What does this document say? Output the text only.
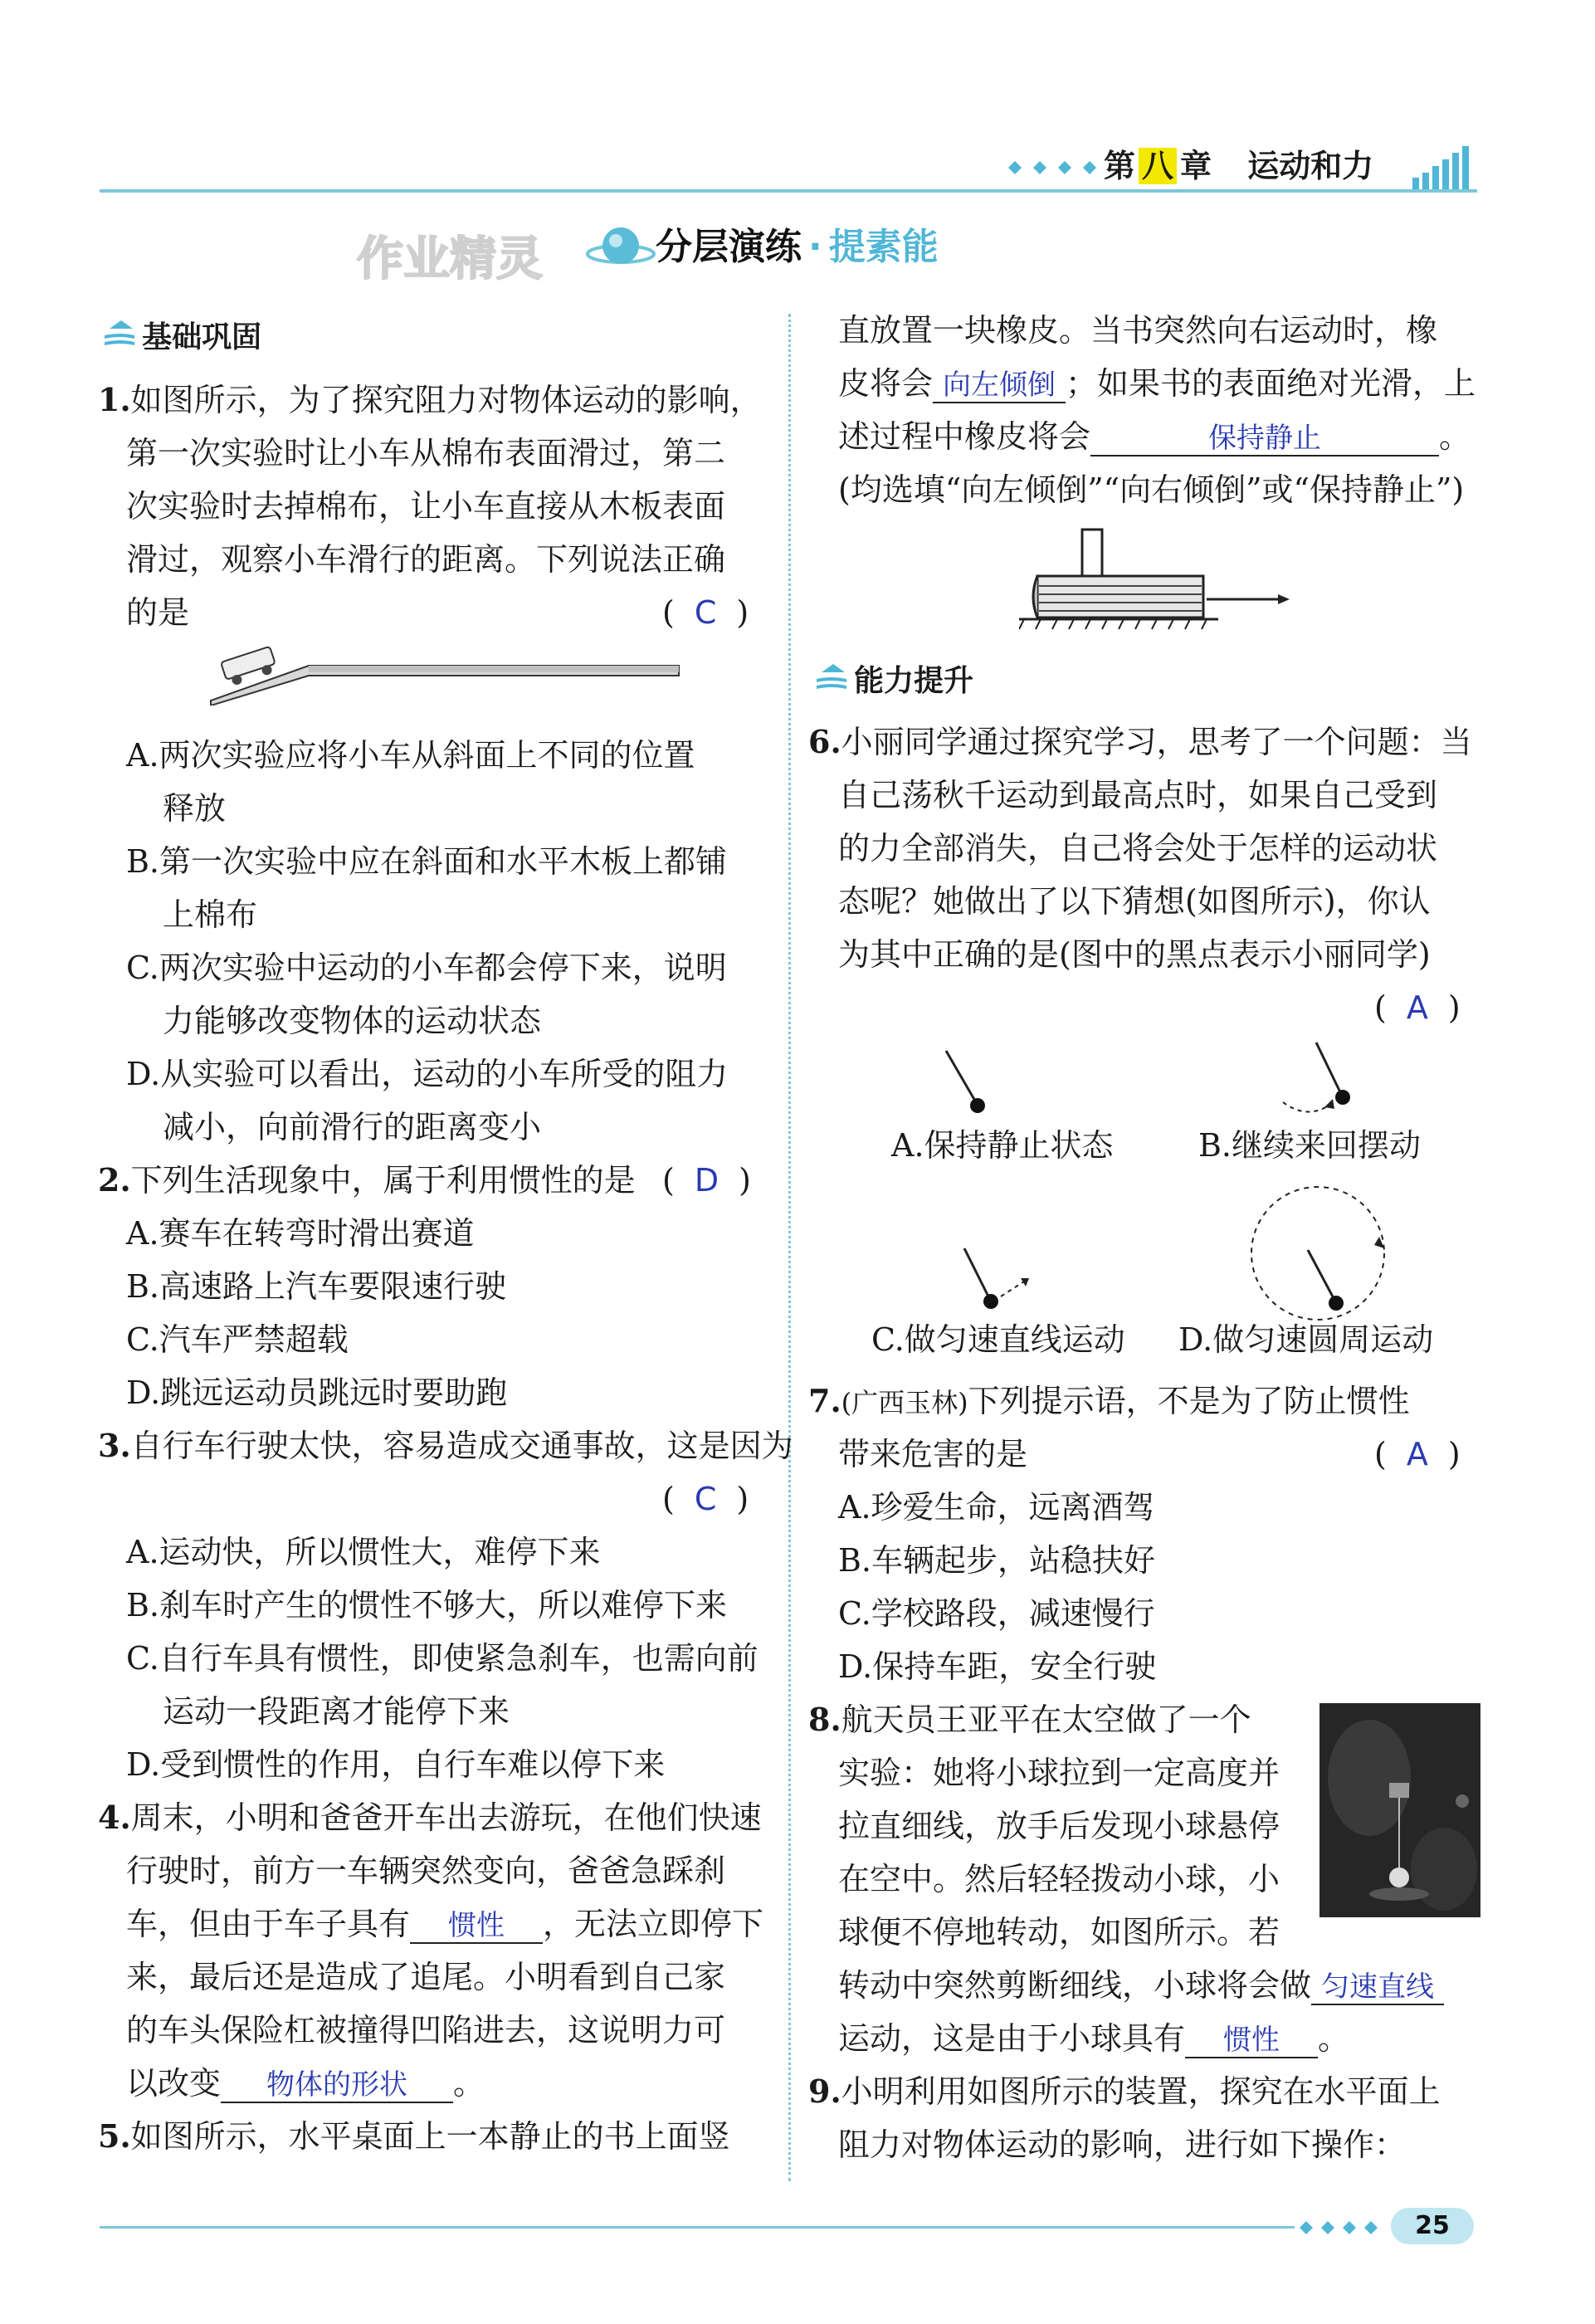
第 八 章 运动和力
作业精灵	分层演练 · 提素能
基础巩固
1.如图所示，为了探究阻力对物体运动的影响，
第一次实验时让小车从棉布表面滑过，第二
次实验时去掉棉布，让小车直接从木板表面
滑过，观察小车滑行的距离。下列说法正确
的是	( C )
A.两次实验应将小车从斜面上不同的位置
释放
B.第一次实验中应在斜面和水平木板上都铺
上棉布
C.两次实验中运动的小车都会停下来，说明
力能够改变物体的运动状态
D.从实验可以看出，运动的小车所受的阻力
减小，向前滑行的距离变小
2.下列生活现象中，属于利用惯性的是 ( D )
A.赛车在转弯时滑出赛道
B.高速路上汽车要限速行驶
C.汽车严禁超载
D.跳远运动员跳远时要助跑
3.自行车行驶太快，容易造成交通事故，这是因为
( C )
A.运动快，所以惯性大，难停下来
B.刹车时产生的惯性不够大，所以难停下来
C.自行车具有惯性，即使紧急刹车，也需向前
运动一段距离才能停下来
D.受到惯性的作用，自行车难以停下来
4.周末，小明和爸爸开车出去游玩，在他们快速
行驶时，前方一车辆突然变向，爸爸急踩刹
车，但由于车子具有 惯性 ，无法立即停下
来，最后还是造成了追尾。小明看到自己家
的车头保险杠被撞得凹陷进去，这说明力可
以改变 物体的形状 。
5.如图所示，水平桌面上一本静止的书上面竖
直放置一块橡皮。当书突然向右运动时，橡
皮将会 向左倾倒 ；如果书的表面绝对光滑，上
述过程中橡皮将会	保持静止	。
(均选填“向左倾倒”“向右倾倒”或“保持静止”)
能力提升
6.小丽同学通过探究学习，思考了一个问题：当
自己荡秋千运动到最高点时，如果自己受到
的力全部消失，自己将会处于怎样的运动状
态呢？她做出了以下猜想(如图所示)，你认
为其中正确的是(图中的黑点表示小丽同学)
( A )
A.保持静止状态	B.继续来回摆动
C.做匀速直线运动 D.做匀速圆周运动
7.(广西玉林)下列提示语，不是为了防止惯性
带来危害的是	( A )
A.珍爱生命，远离酒驾
B.车辆起步，站稳扶好
C.学校路段，减速慢行
D.保持车距，安全行驶
8.航天员王亚平在太空做了一个
实验：她将小球拉到一定高度并
拉直细线，放手后发现小球悬停
在空中。然后轻轻拨动小球，小
球便不停地转动，如图所示。若
转动中突然剪断细线，小球将会做 匀速直线
运动，这是由于小球具有 惯性 。
9.小明利用如图所示的装置，探究在水平面上
阻力对物体运动的影响，进行如下操作：
25
